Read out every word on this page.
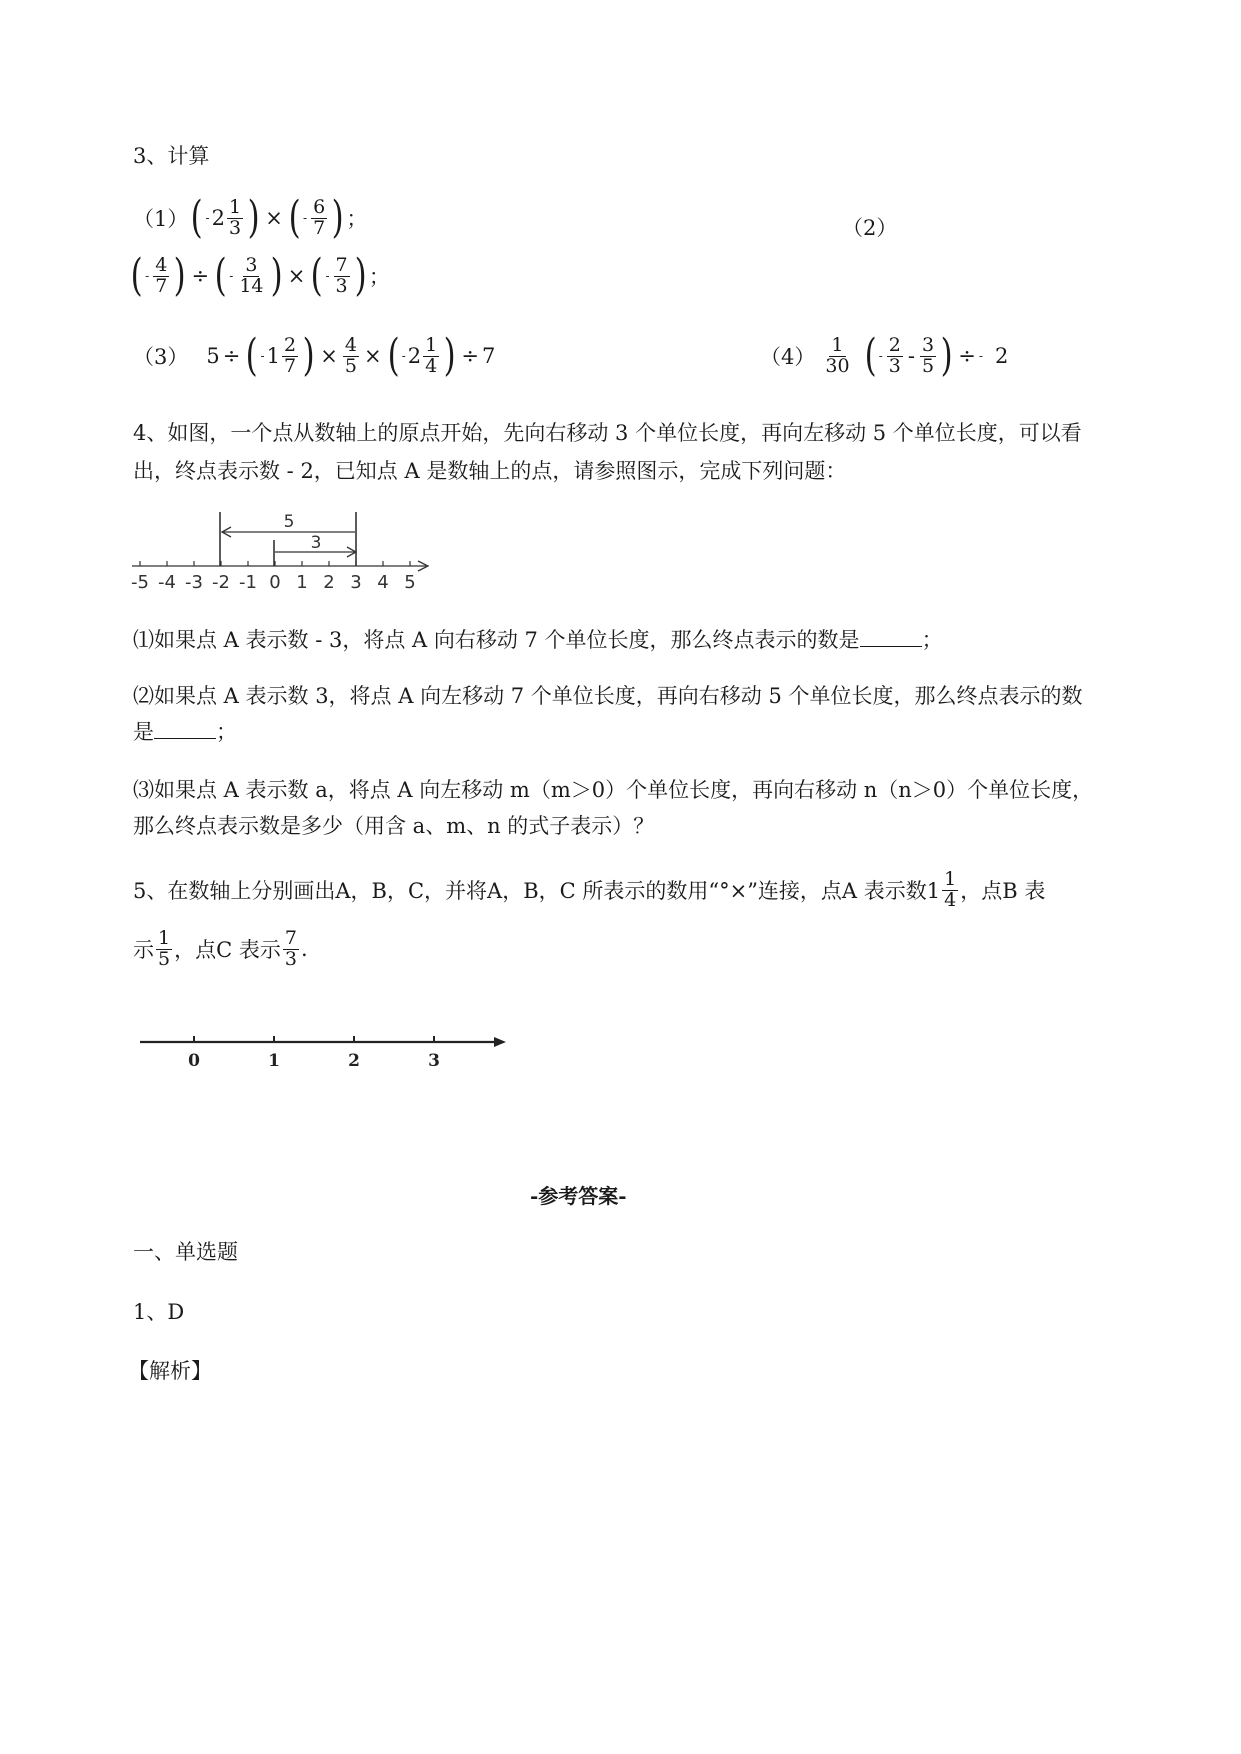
3、计算
（1） ( - $2 \frac{1}{3}$ ) × ( - $\frac{6}{7}$ ) ；	（2）
( - $\frac{4}{7}$ ) ÷ ( - $\frac{3}{14}$ ) × ( - $\frac{7}{3}$ ) ；
（3） 5 ÷ ( - $1 \frac{2}{7}$ ) × $\frac{4}{5}$ × ( - $2 \frac{1}{4}$ ) ÷ 7	$(4) \frac{1}{30}$ ( - $\frac{2}{3} - \frac{3}{5}$ ) ÷ - 2
4、如图，一个点从数轴上的原点开始，先向右移动 3 个单位长度，再向左移动 5 个单位长度，可以看
出，终点表示数 - 2，已知点 A 是数轴上的点，请参照图示，完成下列问题：
-5 -4 -3 -2 -1 0 1 2 3 4 5
5
3
⑴如果点 A 表示数 - 3，将点 A 向右移动 7 个单位长度，那么终点表示的数是	；
⑵如果点 A 表示数 3，将点 A 向左移动 7 个单位长度，再向右移动 5 个单位长度，那么终点表示的数
是	；
⑶如果点 A 表示数 a，将点 A 向左移动 m（m＞0）个单位长度，再向右移动 n（n＞0）个单位长度，
那么终点表示数是多少（用含 a、m、n 的式子表示）？
5、在数轴上分别画出A，B，C，并将A，B，C 所表示的数用“°×”连接，点A 表示数$1 \frac{1}{4}$ ，点B 表
示 $\frac{1}{5}$ ，点C 表示 $\frac{7}{3}$ .
0	1	2	3
-参考答案-
一、单选题
1、D
【解析】
